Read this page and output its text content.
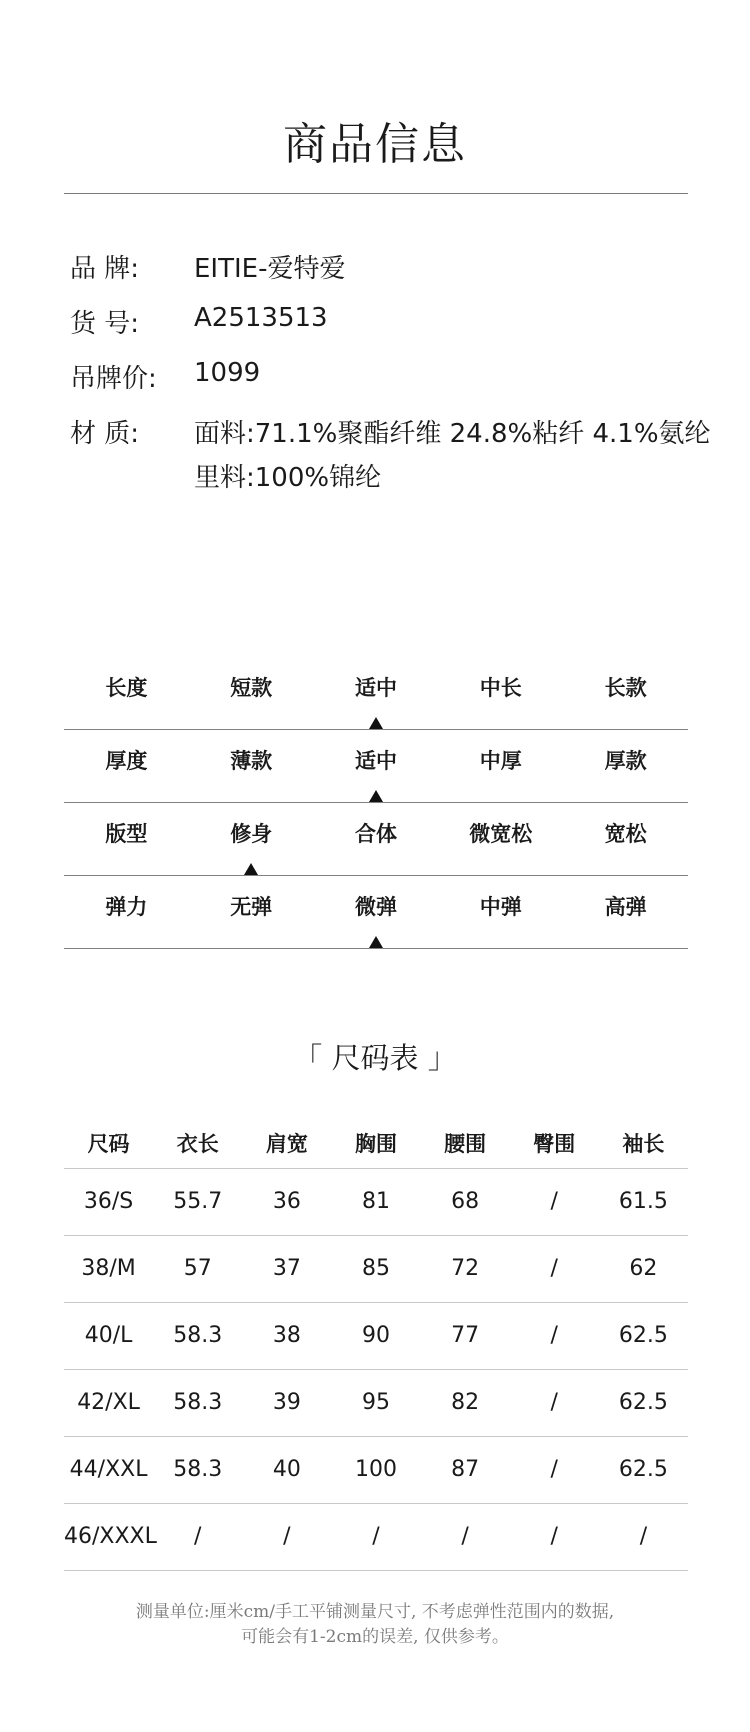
商品信息
品 牌:	EITIE-爱特爱
货 号:	A2513513
吊牌价:	1099
材 质:	面料:71.1%聚酯纤维 24.8%粘纤 4.1%氨纶
里料:100%锦纶
长度	短款	适中	中长	长款
厚度	薄款	适中	中厚	厚款
版型	修身	合体	微宽松	宽松
弹力	无弹	微弹	中弹	高弹
「 尺码表 」
尺码	衣长	肩宽	胸围	腰围	臀围	袖长
36/S	55.7	36	81	68	/	61.5
38/M	57	37	85	72	/	62
40/L	58.3	38	90	77	/	62.5
42/XL	58.3	39	95	82	/	62.5
44/XXL	58.3	40	100	87	/	62.5
46/XXXL	/	/	/	/	/	/
测量单位:厘米cm/手工平铺测量尺寸, 不考虑弹性范围内的数据,
可能会有1-2cm的误差, 仅供参考。
